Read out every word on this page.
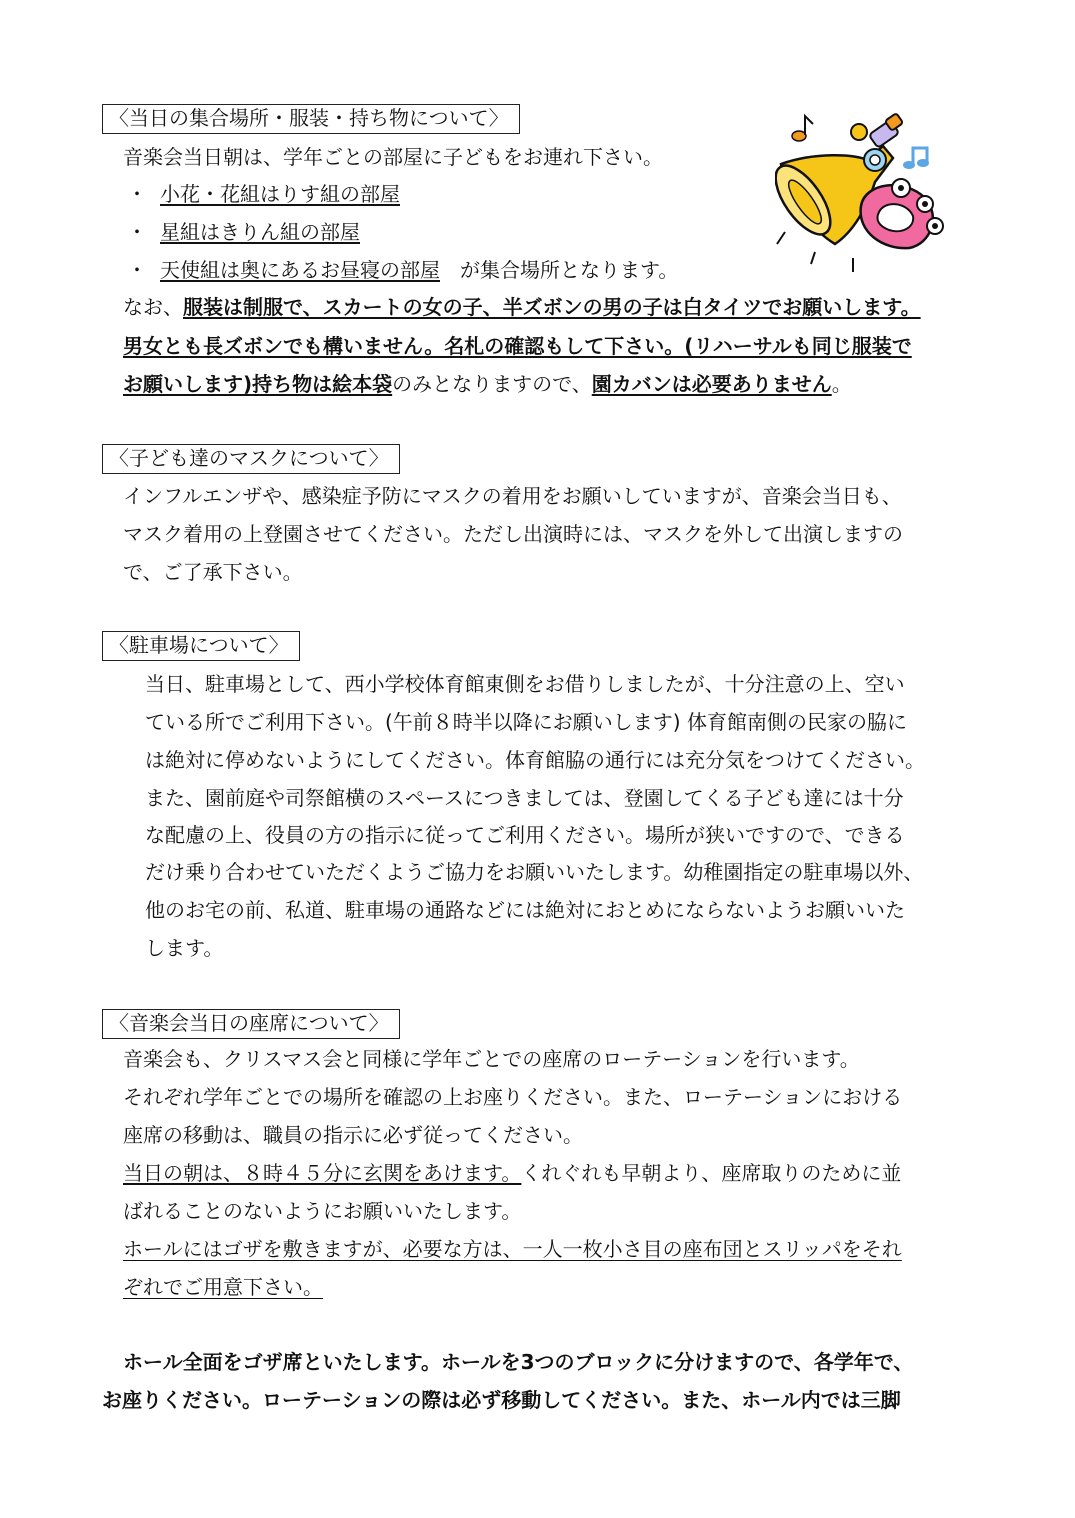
〈当日の集合場所・服装・持ち物について〉
音楽会当日朝は、学年ごとの部屋に子どもをお連れ下さい。
・ 小花・花組はりす組の部屋
・ 星組はきりん組の部屋
・ 天使組は奥にあるお昼寝の部屋　が集合場所となります。
なお、服装は制服で、スカートの女の子、半ズボンの男の子は白タイツでお願いします。
男女とも長ズボンでも構いません。名札の確認もして下さい。(リハーサルも同じ服装で
お願いします)持ち物は絵本袋のみとなりますので、園カバンは必要ありません。
〈子ども達のマスクについて〉
インフルエンザや、感染症予防にマスクの着用をお願いしていますが、音楽会当日も、
マスク着用の上登園させてください。ただし出演時には、マスクを外して出演しますの
で、ご了承下さい。
〈駐車場について〉
当日、駐車場として、西小学校体育館東側をお借りしましたが、十分注意の上、空い
ている所でご利用下さい。(午前８時半以降にお願いします) 体育館南側の民家の脇に
は絶対に停めないようにしてください。体育館脇の通行には充分気をつけてください。
また、園前庭や司祭館横のスペースにつきましては、登園してくる子ども達には十分
な配慮の上、役員の方の指示に従ってご利用ください。場所が狭いですので、できる
だけ乗り合わせていただくようご協力をお願いいたします。幼稚園指定の駐車場以外、
他のお宅の前、私道、駐車場の通路などには絶対におとめにならないようお願いいた
します。
〈音楽会当日の座席について〉
音楽会も、クリスマス会と同様に学年ごとでの座席のローテーションを行います。
それぞれ学年ごとでの場所を確認の上お座りください。また、ローテーションにおける
座席の移動は、職員の指示に必ず従ってください。
当日の朝は、８時４５分に玄関をあけます。くれぐれも早朝より、座席取りのために並
ばれることのないようにお願いいたします。
ホールにはゴザを敷きますが、必要な方は、一人一枚小さ目の座布団とスリッパをそれ
ぞれでご用意下さい。
ホール全面をゴザ席といたします。ホールを3つのブロックに分けますので、各学年で、
お座りください。ローテーションの際は必ず移動してください。また、ホール内では三脚
